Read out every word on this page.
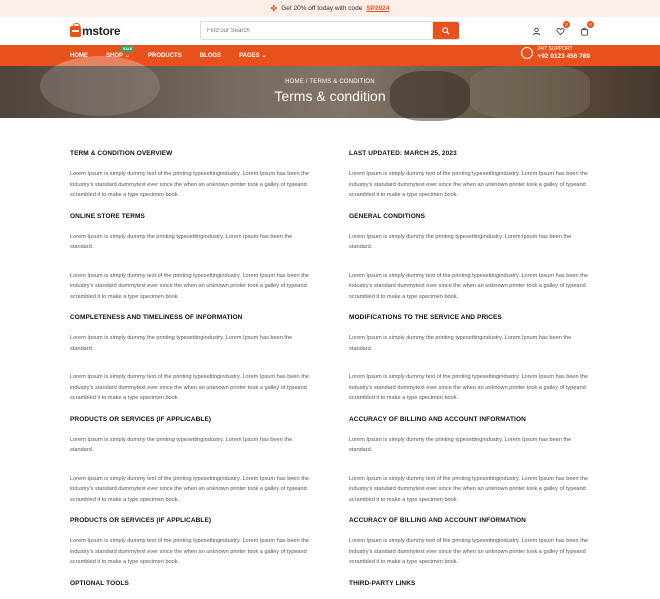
✤ Get 20% off today with code SP2024
mstore
Find our Search	0	0
HOME	SHOP ⌄
SALE
PRODUCTS	BLOGS	PAGES ⌄
24/7 SUPPORT
+92 0123 456 789
HOME / TERMS & CONDITION
Terms & condition
TERM & CONDITION OVERVIEW

Lorem Ipsum is simply dummy text of the printing typesettingindustry. Lorem Ipsum has been the industry's standard dummytext ever since the when an unknown printer took a galley of typeand scrambled it to make a type specimen book.

ONLINE STORE TERMS

Lorem Ipsum is simply dummy the printing typesettingindustry. Lorem Ipsum has been the standard.

Lorem Ipsum is simply dummy text of the printing typesettingindustry. Lorem Ipsum has been the industry's standard dummytext ever since the when an unknown printer took a galley of typeand scrambled it to make a type specimen book.

COMPLETENESS AND TIMELINESS OF INFORMATION

Lorem Ipsum is simply dummy the printing typesettingindustry. Lorem Ipsum has been the standard.

Lorem Ipsum is simply dummy text of the printing typesettingindustry. Lorem Ipsum has been the industry's standard dummytext ever since the when an unknown printer took a galley of typeand scrambled it to make a type specimen book.

PRODUCTS OR SERVICES (IF APPLICABLE)

Lorem Ipsum is simply dummy the printing typesettingindustry. Lorem Ipsum has been the standard.

Lorem Ipsum is simply dummy text of the printing typesettingindustry. Lorem Ipsum has been the industry's standard dummytext ever since the when an unknown printer took a galley of typeand scrambled it to make a type specimen book.

PRODUCTS OR SERVICES (IF APPLICABLE)

Lorem Ipsum is simply dummy text of the printing typesettingindustry. Lorem Ipsum has been the industry's standard dummytext ever since the when an unknown printer took a galley of typeand scrambled it to make a type specimen book.

OPTIONAL TOOLS
LAST UPDATED: MARCH 25, 2023

Lorem Ipsum is simply dummy text of the printing typesettingindustry. Lorem Ipsum has been the industry's standard dummytext ever since the when an unknown printer took a galley of typeand scrambled it to make a type specimen book.

GENERAL CONDITIONS

Lorem Ipsum is simply dummy the printing typesettingindustry. Lorem Ipsum has been the standard.

Lorem Ipsum is simply dummy text of the printing typesettingindustry. Lorem Ipsum has been the industry's standard dummytext ever since the when an unknown printer took a galley of typeand scrambled it to make a type specimen book.

MODIFICATIONS TO THE SERVICE AND PRICES

Lorem Ipsum is simply dummy the printing typesettingindustry. Lorem Ipsum has been the standard.

Lorem Ipsum is simply dummy text of the printing typesettingindustry. Lorem Ipsum has been the industry's standard dummytext ever since the when an unknown printer took a galley of typeand scrambled it to make a type specimen book.

ACCURACY OF BILLING AND ACCOUNT INFORMATION

Lorem Ipsum is simply dummy the printing typesettingindustry. Lorem Ipsum has been the standard.

Lorem Ipsum is simply dummy text of the printing typesettingindustry. Lorem Ipsum has been the industry's standard dummytext ever since the when an unknown printer took a galley of typeand scrambled it to make a type specimen book.

ACCURACY OF BILLING AND ACCOUNT INFORMATION

Lorem Ipsum is simply dummy text of the printing typesettingindustry. Lorem Ipsum has been the industry's standard dummytext ever since the when an unknown printer took a galley of typeand scrambled it to make a type specimen book.

THIRD-PARTY LINKS
